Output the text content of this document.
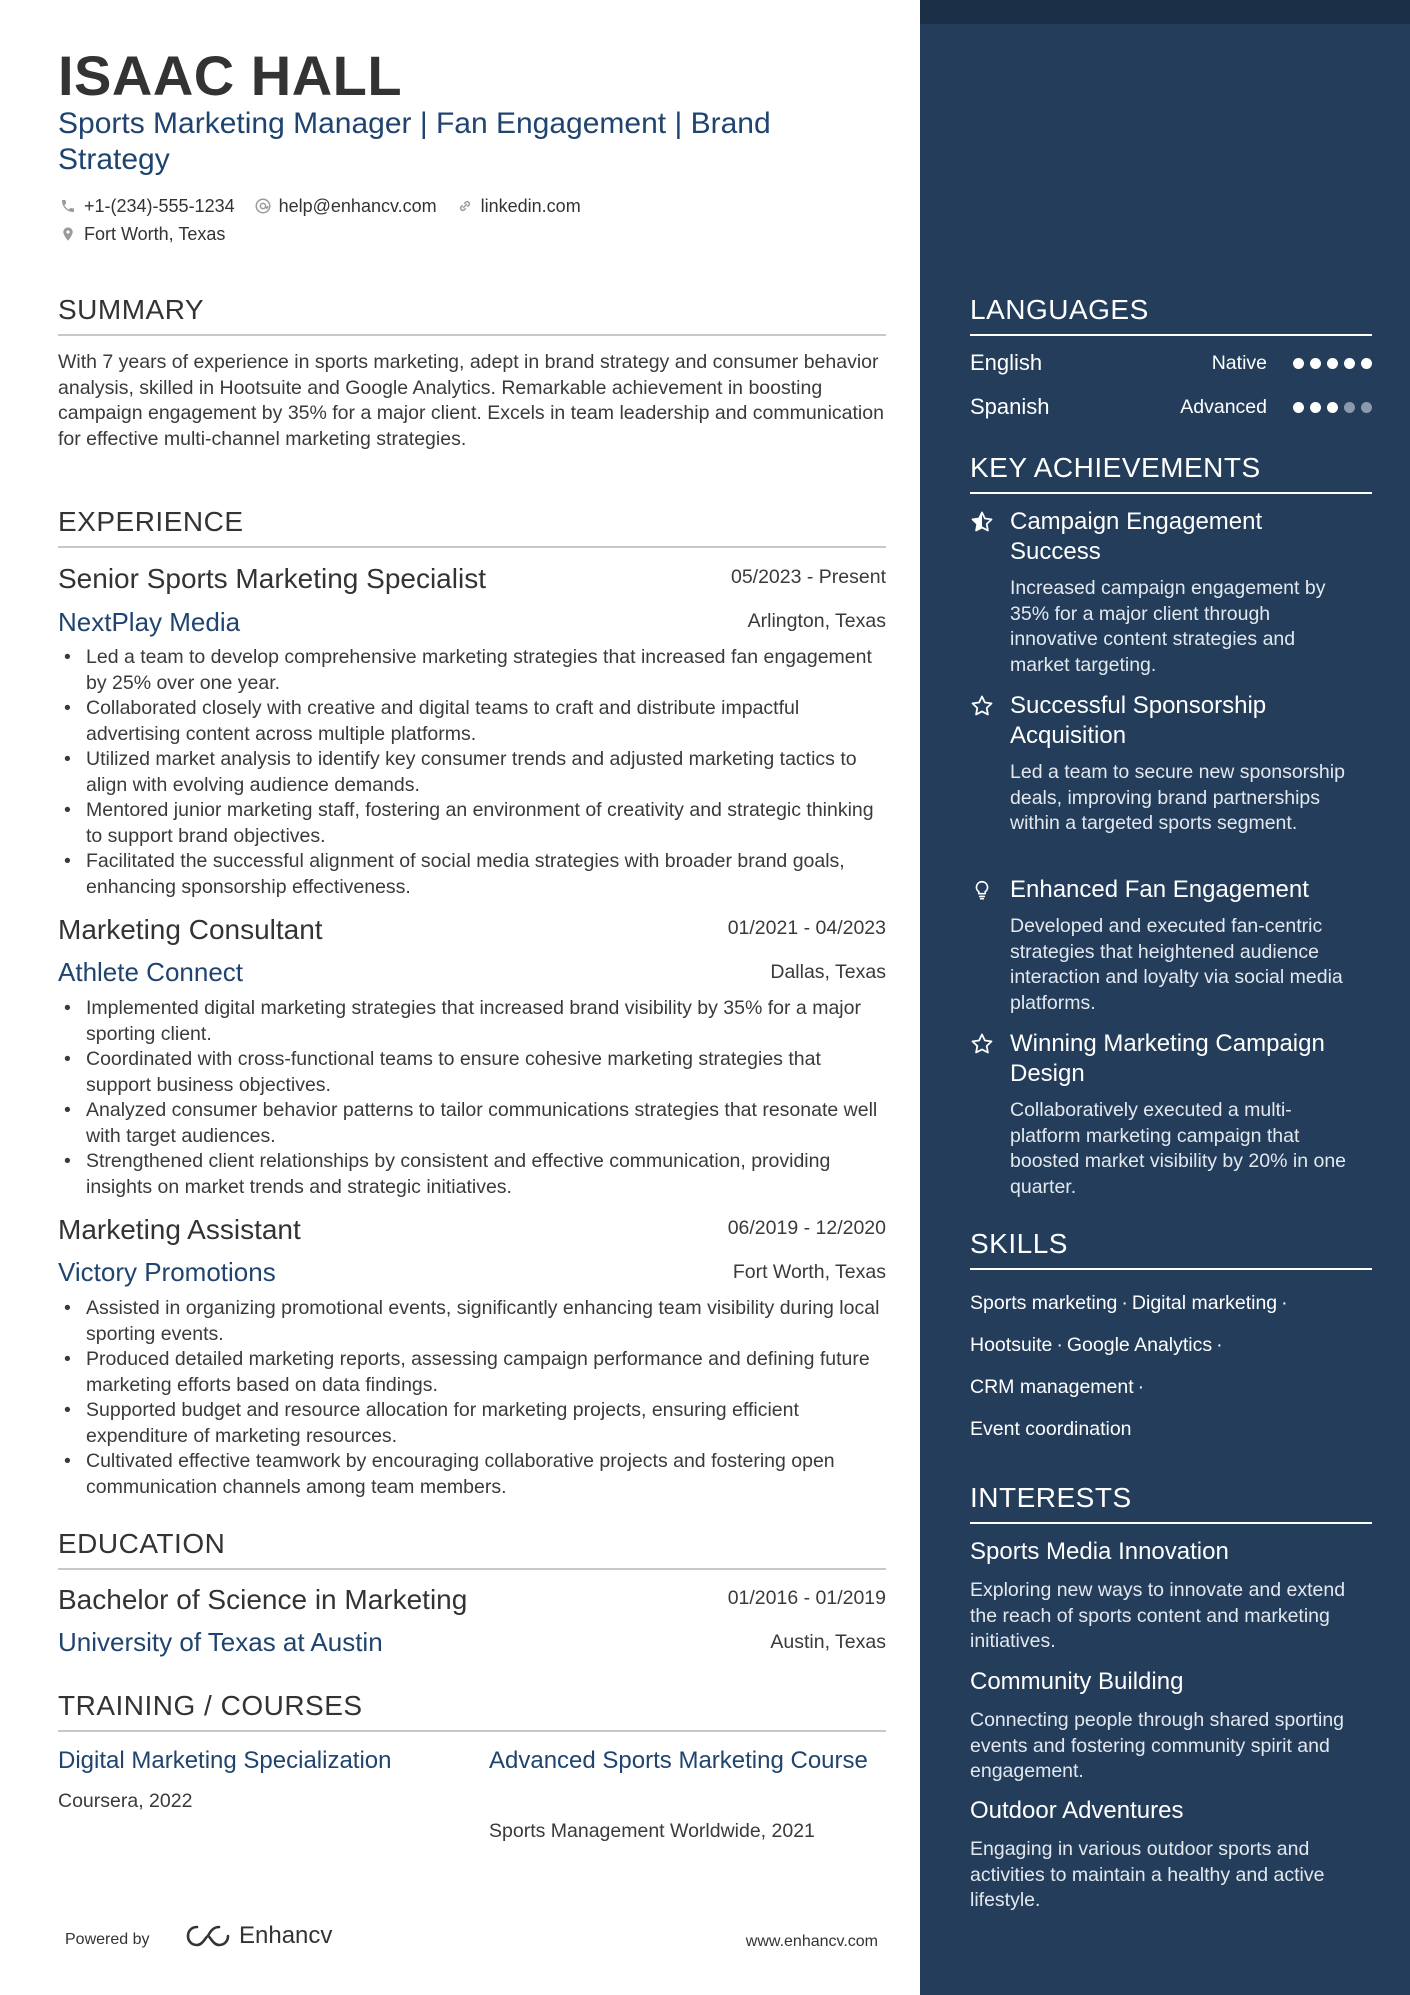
ISAAC HALL
Sports Marketing Manager | Fan Engagement | Brand Strategy
+1-(234)-555-1234 help@enhancv.com linkedin.com
Fort Worth, Texas
SUMMARY
With 7 years of experience in sports marketing, adept in brand strategy and consumer behavior analysis, skilled in Hootsuite and Google Analytics. Remarkable achievement in boosting campaign engagement by 35% for a major client. Excels in team leadership and communication for effective multi-channel marketing strategies.
EXPERIENCE
Senior Sports Marketing Specialist	05/2023 - Present
NextPlay Media	Arlington, Texas
• Led a team to develop comprehensive marketing strategies that increased fan engagement by 25% over one year.
• Collaborated closely with creative and digital teams to craft and distribute impactful advertising content across multiple platforms.
• Utilized market analysis to identify key consumer trends and adjusted marketing tactics to align with evolving audience demands.
• Mentored junior marketing staff, fostering an environment of creativity and strategic thinking to support brand objectives.
• Facilitated the successful alignment of social media strategies with broader brand goals, enhancing sponsorship effectiveness.
Marketing Consultant	01/2021 - 04/2023
Athlete Connect	Dallas, Texas
• Implemented digital marketing strategies that increased brand visibility by 35% for a major sporting client.
• Coordinated with cross-functional teams to ensure cohesive marketing strategies that support business objectives.
• Analyzed consumer behavior patterns to tailor communications strategies that resonate well with target audiences.
• Strengthened client relationships by consistent and effective communication, providing insights on market trends and strategic initiatives.
Marketing Assistant	06/2019 - 12/2020
Victory Promotions	Fort Worth, Texas
• Assisted in organizing promotional events, significantly enhancing team visibility during local sporting events.
• Produced detailed marketing reports, assessing campaign performance and defining future marketing efforts based on data findings.
• Supported budget and resource allocation for marketing projects, ensuring efficient expenditure of marketing resources.
• Cultivated effective teamwork by encouraging collaborative projects and fostering open communication channels among team members.
EDUCATION
Bachelor of Science in Marketing	01/2016 - 01/2019
University of Texas at Austin	Austin, Texas
TRAINING / COURSES
Digital Marketing Specialization
Coursera, 2022
Advanced Sports Marketing Course
Sports Management Worldwide, 2021
Powered by	Enhancv	www.enhancv.com
LANGUAGES
English	Native
Spanish	Advanced
KEY ACHIEVEMENTS
Campaign Engagement Success
Increased campaign engagement by 35% for a major client through innovative content strategies and market targeting.
Successful Sponsorship Acquisition
Led a team to secure new sponsorship deals, improving brand partnerships within a targeted sports segment.
Enhanced Fan Engagement
Developed and executed fan-centric strategies that heightened audience interaction and loyalty via social media platforms.
Winning Marketing Campaign Design
Collaboratively executed a multi-platform marketing campaign that boosted market visibility by 20% in one quarter.
SKILLS
Sports marketing · Digital marketing ·
Hootsuite · Google Analytics ·
CRM management ·
Event coordination
INTERESTS
Sports Media Innovation
Exploring new ways to innovate and extend the reach of sports content and marketing initiatives.
Community Building
Connecting people through shared sporting events and fostering community spirit and engagement.
Outdoor Adventures
Engaging in various outdoor sports and activities to maintain a healthy and active lifestyle.
